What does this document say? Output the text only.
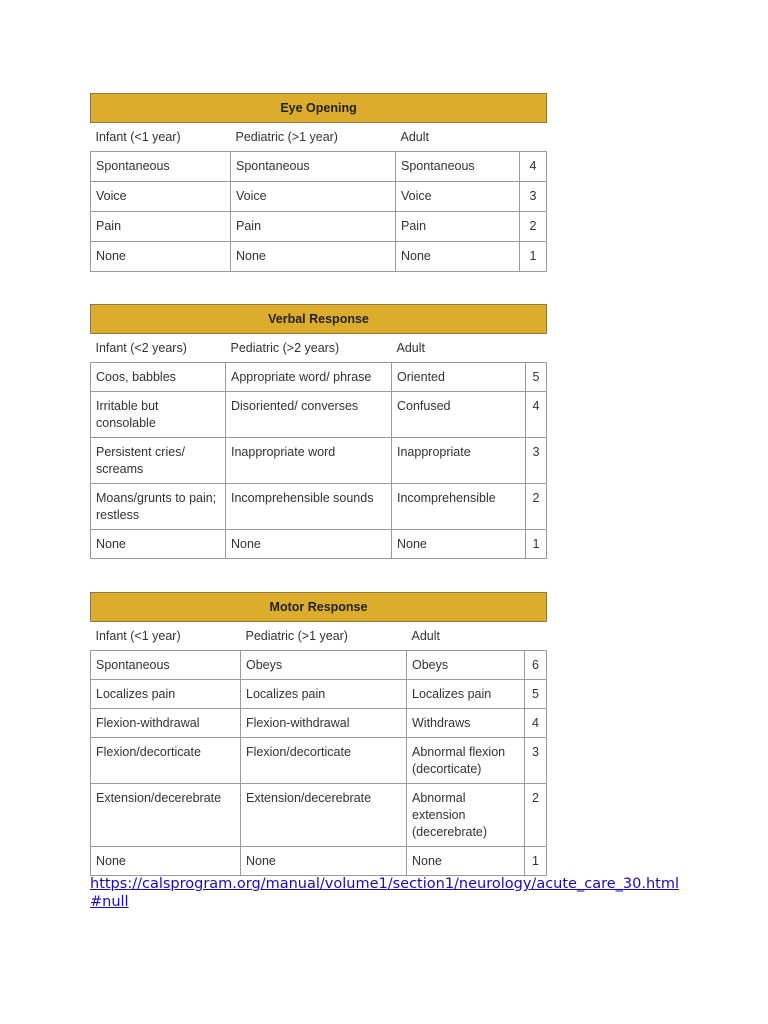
Eye Opening			
Infant (<1 year)	Pediatric (>1 year)	Adult	
Spontaneous	Spontaneous	Spontaneous	4
Voice	Voice	Voice	3
Pain	Pain	Pain	2
None	None	None	1
Verbal Response			
Infant (<2 years)	Pediatric (>2 years)	Adult	
Coos, babbles	Appropriate word/ phrase	Oriented	5
Irritable but consolable	Disoriented/ converses	Confused	4
Persistent cries/ screams	Inappropriate word	Inappropriate	3
Moans/grunts to pain; restless	Incomprehensible sounds	Incomprehensible	2
None	None	None	1
Motor Response			
Infant (<1 year)	Pediatric (>1 year)	Adult	
Spontaneous	Obeys	Obeys	6
Localizes pain	Localizes pain	Localizes pain	5
Flexion-withdrawal	Flexion-withdrawal	Withdraws	4
Flexion/decorticate	Flexion/decorticate	Abnormal flexion (decorticate)	3
Extension/decerebrate	Extension/decerebrate	Abnormal extension (decerebrate)	2
None	None	None	1
https://calsprogram.org/manual/volume1/section1/neurology/acute_care_30.html#null
